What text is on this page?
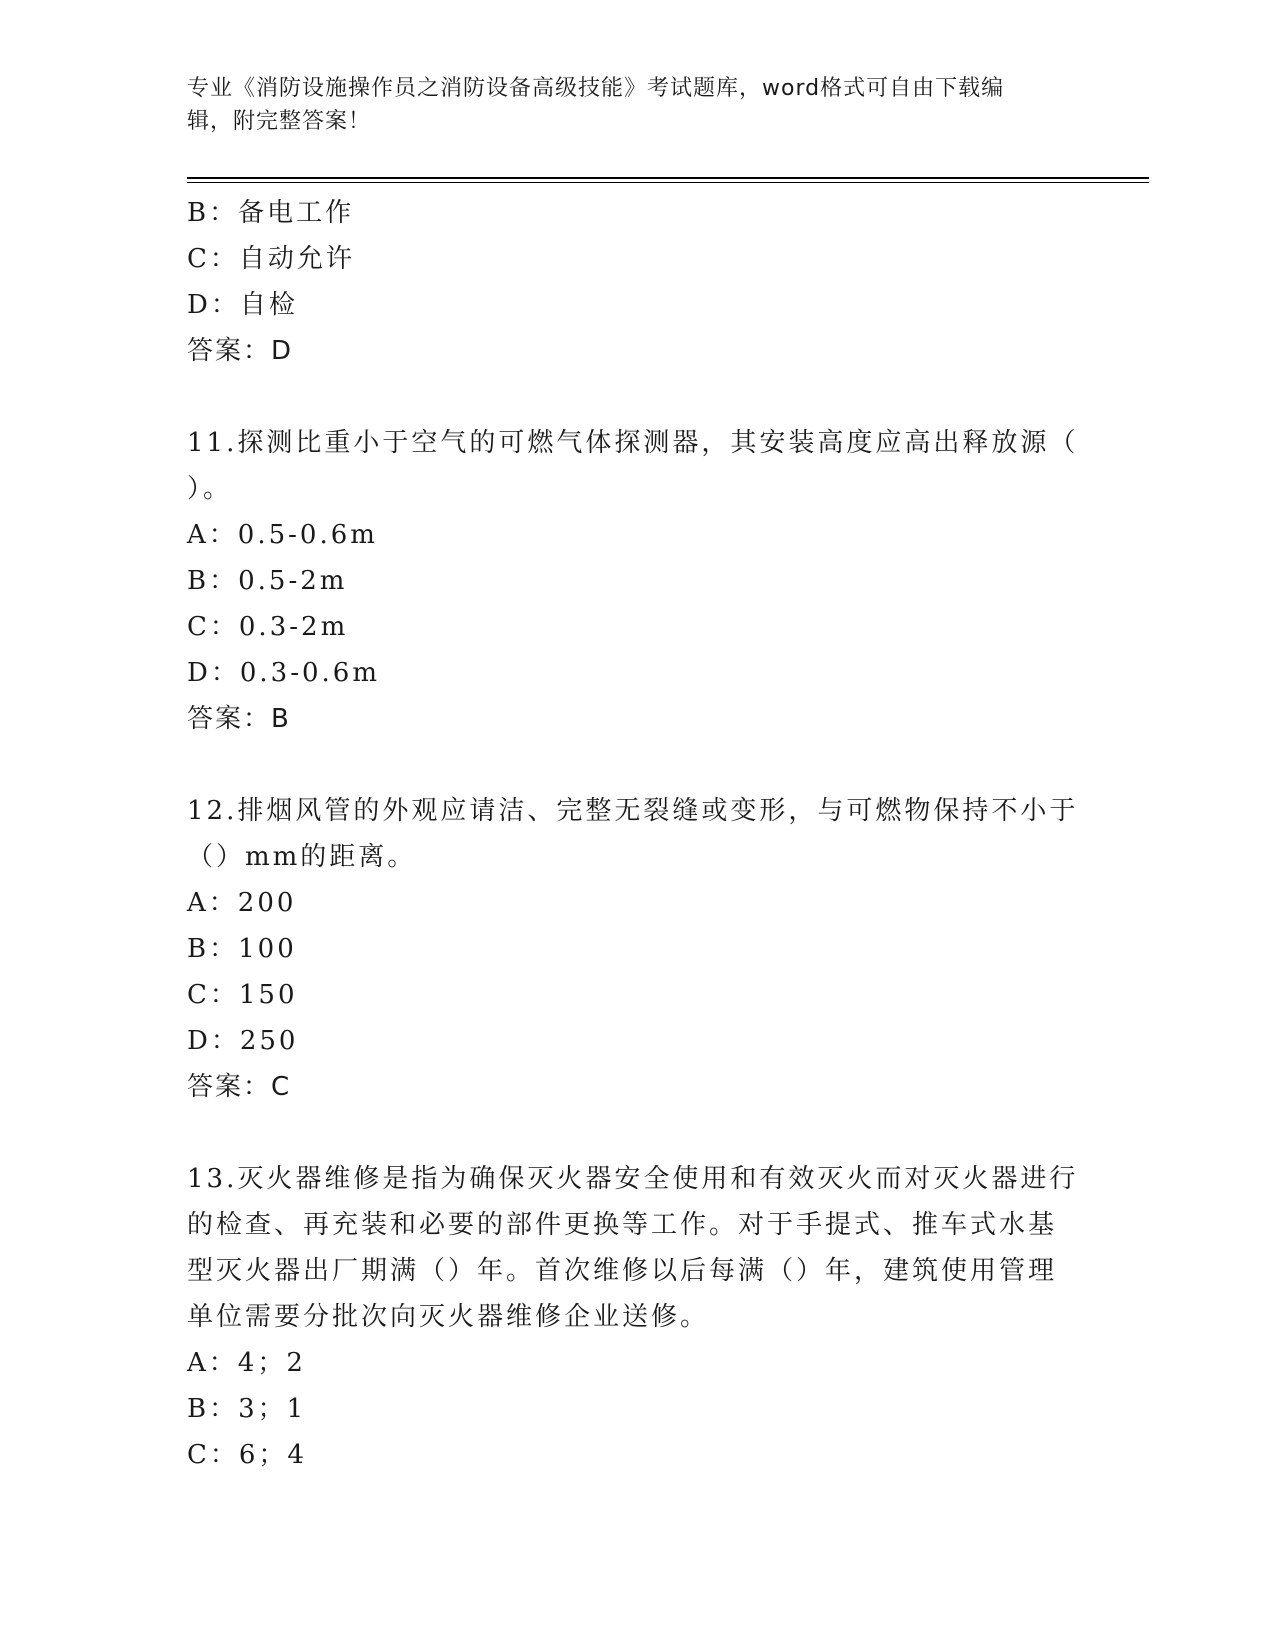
专业《消防设施操作员之消防设备高级技能》考试题库，word格式可自由下载编
辑，附完整答案！
B：备电工作
C：自动允许
D：自检
答案：D
11.探测比重小于空气的可燃气体探测器，其安装高度应高出释放源（
）。
A：0.5-0.6m
B：0.5-2m
C：0.3-2m
D：0.3-0.6m
答案：B
12.排烟风管的外观应请洁、完整无裂缝或变形，与可燃物保持不小于
（）mm的距离。
A：200
B：100
C：150
D：250
答案：C
13.灭火器维修是指为确保灭火器安全使用和有效灭火而对灭火器进行
的检查、再充装和必要的部件更换等工作。对于手提式、推车式水基
型灭火器出厂期满（）年。首次维修以后每满（）年，建筑使用管理
单位需要分批次向灭火器维修企业送修。
A：4；2
B：3；1
C：6；4
